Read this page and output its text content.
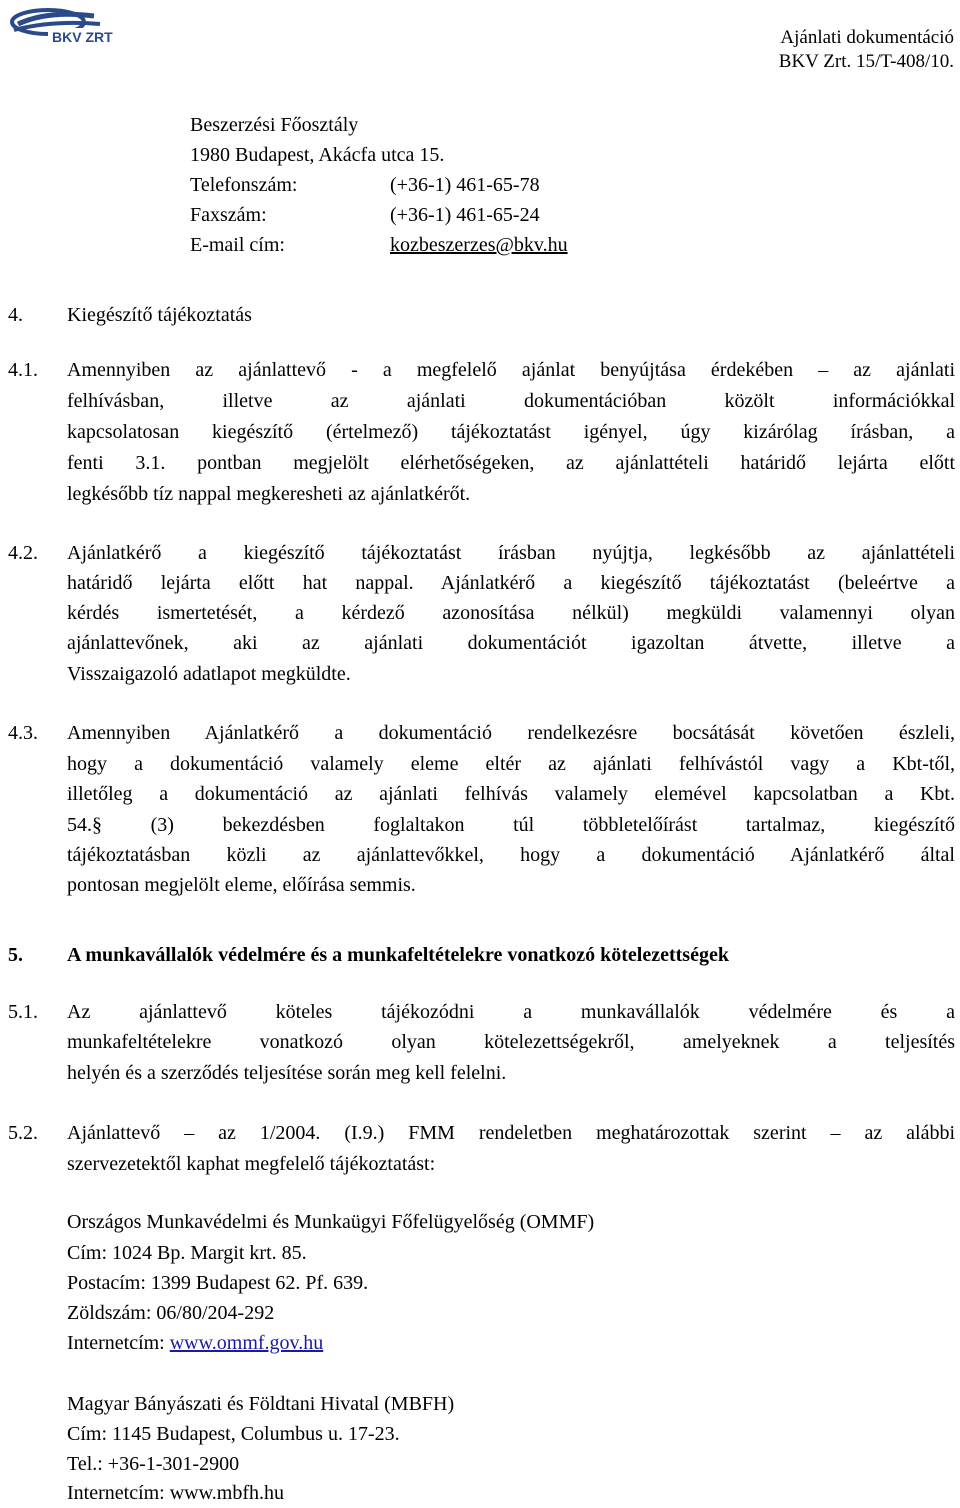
BKV ZRT	Ajánlati dokumentáció
BKV Zrt. 15/T-408/10.
Beszerzési Főosztály
1980 Budapest, Akácfa utca 15.
Telefonszám:	(+36-1) 461-65-78
Faxszám:	(+36-1) 461-65-24
E-mail cím:	kozbeszerzes@bkv.hu
4. Kiegészítő tájékoztatás
4.1. Amennyiben az ajánlattevő - a megfelelő ajánlat benyújtása érdekében – az ajánlati
felhívásban, illetve az ajánlati dokumentációban közölt információkkal
kapcsolatosan kiegészítő (értelmező) tájékoztatást igényel, úgy kizárólag írásban, a
fenti 3.1. pontban megjelölt elérhetőségeken, az ajánlattételi határidő lejárta előtt
legkésőbb tíz nappal megkeresheti az ajánlatkérőt.
4.2. Ajánlatkérő a kiegészítő tájékoztatást írásban nyújtja, legkésőbb az ajánlattételi
határidő lejárta előtt hat nappal. Ajánlatkérő a kiegészítő tájékoztatást (beleértve a
kérdés ismertetését, a kérdező azonosítása nélkül) megküldi valamennyi olyan
ajánlattevőnek, aki az ajánlati dokumentációt igazoltan átvette, illetve a
Visszaigazoló adatlapot megküldte.
4.3. Amennyiben Ajánlatkérő a dokumentáció rendelkezésre bocsátását követően észleli,
hogy a dokumentáció valamely eleme eltér az ajánlati felhívástól vagy a Kbt-től,
illetőleg a dokumentáció az ajánlati felhívás valamely elemével kapcsolatban a Kbt.
54.§ (3) bekezdésben foglaltakon túl többletelőírást tartalmaz, kiegészítő
tájékoztatásban közli az ajánlattevőkkel, hogy a dokumentáció Ajánlatkérő által
pontosan megjelölt eleme, előírása semmis.
5. A munkavállalók védelmére és a munkafeltételekre vonatkozó kötelezettségek
5.1. Az ajánlattevő köteles tájékozódni a munkavállalók védelmére és a
munkafeltételekre vonatkozó olyan kötelezettségekről, amelyeknek a teljesítés
helyén és a szerződés teljesítése során meg kell felelni.
5.2. Ajánlattevő – az 1/2004. (I.9.) FMM rendeletben meghatározottak szerint – az alábbi
szervezetektől kaphat megfelelő tájékoztatást:
Országos Munkavédelmi és Munkaügyi Főfelügyelőség (OMMF)
Cím: 1024 Bp. Margit krt. 85.
Postacím: 1399 Budapest 62. Pf. 639.
Zöldszám: 06/80/204-292
Internetcím: www.ommf.gov.hu
Magyar Bányászati és Földtani Hivatal (MBFH)
Cím: 1145 Budapest, Columbus u. 17-23.
Tel.: +36-1-301-2900
Internetcím: www.mbfh.hu
